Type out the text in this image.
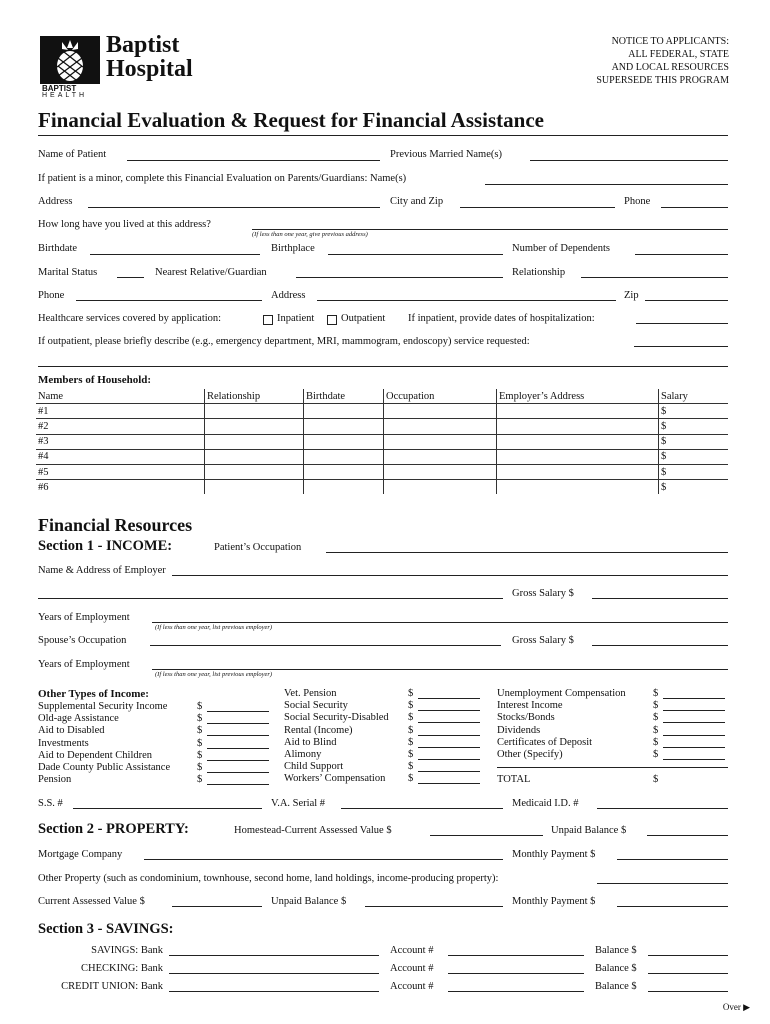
Baptist
Hospital
BAPTIST
HEALTH
NOTICE TO APPLICANTS:
ALL FEDERAL, STATE
AND LOCAL RESOURCES
SUPERSEDE THIS PROGRAM
Financial Evaluation & Request for Financial Assistance
Name of Patient	Previous Married Name(s)
If patient is a minor, complete this Financial Evaluation on Parents/Guardians: Name(s)
Address	City and Zip	Phone
How long have you lived at this address?
(If less than one year, give previous address)
Birthdate	Birthplace	Number of Dependents
Marital Status	Nearest Relative/Guardian	Relationship
Phone	Address	Zip
Healthcare services covered by application:	Inpatient	Outpatient If inpatient, provide dates of hospitalization:
If outpatient, please briefly describe (e.g., emergency department, MRI, mammogram, endoscopy) service requested:
Members of Household:
Name	Relationship	Birthdate	Occupation	Employer’s Address	Salary
#1					$
#2					$
#3					$
#4					$
#5					$
#6					$
Financial Resources
Section 1 - INCOME:	Patient’s Occupation
Name & Address of Employer
Gross Salary $
Years of Employment
(If less than one year, list previous employer)
Spouse’s Occupation	Gross Salary $
Years of Employment
(If less than one year, list previous employer)
Other Types of Income:
Supplemental Security Income	$
Old-age Assistance	$
Aid to Disabled	$
Investments	$
Aid to Dependent Children	$
Dade County Public Assistance	$
Pension	$
Vet. Pension	$
Social Security	$
Social Security-Disabled $
Rental (Income)	$
Aid to Blind	$
Alimony	$
Child Support	$
Workers’ Compensation $
Unemployment Compensation	$
Interest Income	$
Stocks/Bonds	$
Dividends	$
Certificates of Deposit	$
Other (Specify)	$
TOTAL	$
S.S. #	V.A. Serial #	Medicaid I.D. #
Section 2 - PROPERTY:	Homestead-Current Assessed Value $	Unpaid Balance $
Mortgage Company	Monthly Payment $
Other Property (such as condominium, townhouse, second home, land holdings, income-producing property):
Current Assessed Value $	Unpaid Balance $	Monthly Payment $
Section 3 - SAVINGS:
SAVINGS: Bank	Account #	Balance $
CHECKING: Bank	Account #	Balance $
CREDIT UNION: Bank	Account #	Balance $
Over ▶
